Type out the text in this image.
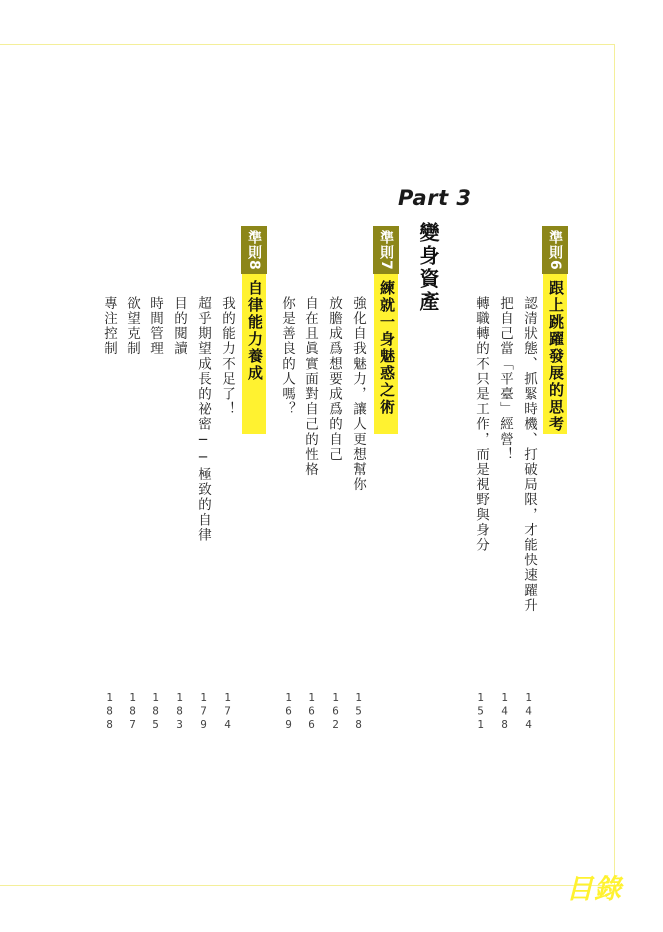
Part 3
變身資產	準則
6
跟上跳躍發展的思考
認清狀態、抓緊時機、打破局限，才能快速躍升
把自己當「平臺」經營！
轉職轉的不只是工作，而是視野與身分
144
148
151
準則
7
練就一身魅惑之術
強化自我魅力，讓人更想幫你
放膽成爲想要成爲的自己
自在且眞實面對自己的性格
你是善良的人嗎？
158
162
166
169
準則
8
自律能力養成
我的能力不足了！
超乎期望成長的祕密──極致的自律
目的閱讀
時間管理
欲望克制
專注控制
174
179
183
185
187
188
目錄
